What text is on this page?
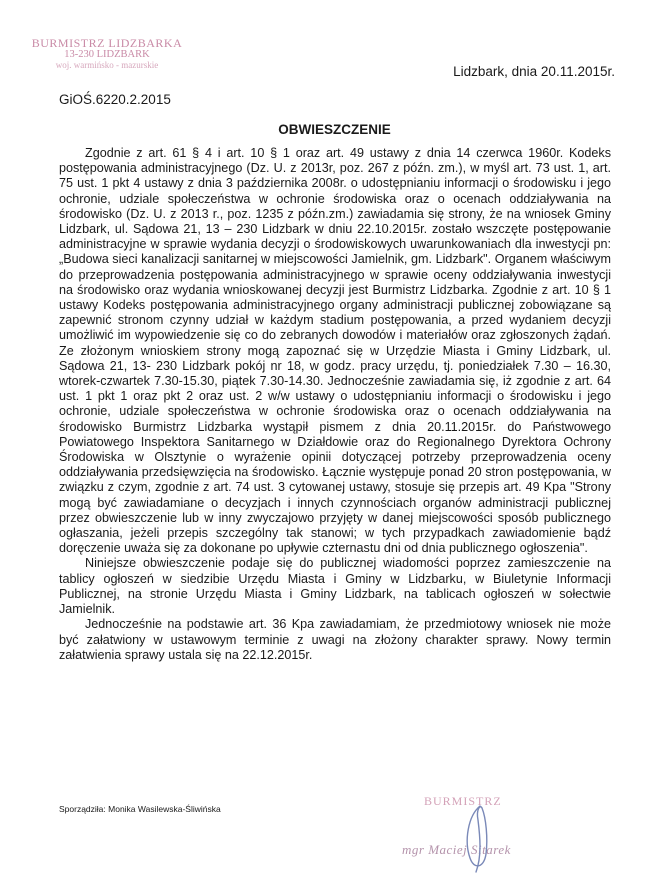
BURMISTRZ LIDZBARKA
13-230 LIDZBARK
woj. warmińsko - mazurskie	Lidzbark, dnia 20.11.2015r.
GiOŚ.6220.2.2015
OBWIESZCZENIE

Zgodnie z art. 61 § 4 i art. 10 § 1 oraz art. 49 ustawy z dnia 14 czerwca 1960r. Kodeks postępowania administracyjnego (Dz. U. z 2013r, poz. 267 z późn. zm.), w myśl art. 73 ust. 1, art. 75 ust. 1 pkt 4 ustawy z dnia 3 października 2008r. o udostępnianiu informacji o środowisku i jego ochronie, udziale społeczeństwa w ochronie środowiska oraz o ocenach oddziaływania na środowisko (Dz. U. z 2013 r., poz. 1235 z późn.zm.) zawiadamia się strony, że na wniosek Gminy Lidzbark, ul. Sądowa 21, 13 – 230 Lidzbark w dniu 22.10.2015r. zostało wszczęte postępowanie administracyjne w sprawie wydania decyzji o środowiskowych uwarunkowaniach dla inwestycji pn: „Budowa sieci kanalizacji sanitarnej w miejscowości Jamielnik, gm. Lidzbark". Organem właściwym do przeprowadzenia postępowania administracyjnego w sprawie oceny oddziaływania inwestycji na środowisko oraz wydania wnioskowanej decyzji jest Burmistrz Lidzbarka. Zgodnie z art. 10 § 1 ustawy Kodeks postępowania administracyjnego organy administracji publicznej zobowiązane są zapewnić stronom czynny udział w każdym stadium postępowania, a przed wydaniem decyzji umożliwić im wypowiedzenie się co do zebranych dowodów i materiałów oraz zgłoszonych żądań. Ze złożonym wnioskiem strony mogą zapoznać się w Urzędzie Miasta i Gminy Lidzbark, ul. Sądowa 21, 13- 230 Lidzbark pokój nr 18, w godz. pracy urzędu, tj. poniedziałek 7.30 – 16.30, wtorek-czwartek 7.30-15.30, piątek 7.30-14.30. Jednocześnie zawiadamia się, iż zgodnie z art. 64 ust. 1 pkt 1 oraz pkt 2 oraz ust. 2 w/w ustawy o udostępnianiu informacji o środowisku i jego ochronie, udziale społeczeństwa w ochronie środowiska oraz o ocenach oddziaływania na środowisko Burmistrz Lidzbarka wystąpił pismem z dnia 20.11.2015r. do Państwowego Powiatowego Inspektora Sanitarnego w Działdowie oraz do Regionalnego Dyrektora Ochrony Środowiska w Olsztynie o wyrażenie opinii dotyczącej potrzeby przeprowadzenia oceny oddziaływania przedsięwzięcia na środowisko. Łącznie występuje ponad 20 stron postępowania, w związku z czym, zgodnie z art. 74 ust. 3 cytowanej ustawy, stosuje się przepis art. 49 Kpa "Strony mogą być zawiadamiane o decyzjach i innych czynnościach organów administracji publicznej przez obwieszczenie lub w inny zwyczajowo przyjęty w danej miejscowości sposób publicznego ogłaszania, jeżeli przepis szczególny tak stanowi; w tych przypadkach zawiadomienie bądź doręczenie uważa się za dokonane po upływie czternastu dni od dnia publicznego ogłoszenia".

Niniejsze obwieszczenie podaje się do publicznej wiadomości poprzez zamieszczenie na tablicy ogłoszeń w siedzibie Urzędu Miasta i Gminy w Lidzbarku, w Biuletynie Informacji Publicznej, na stronie Urzędu Miasta i Gminy Lidzbark, na tablicach ogłoszeń w sołectwie Jamielnik.

Jednocześnie na podstawie art. 36 Kpa zawiadamiam, że przedmiotowy wniosek nie może być załatwiony w ustawowym terminie z uwagi na złożony charakter sprawy. Nowy termin załatwienia sprawy ustala się na 22.12.2015r.

Sporządziła: Monika Wasilewska-Śliwińska
BURMISTRZ
mgr Maciej Sitarek
